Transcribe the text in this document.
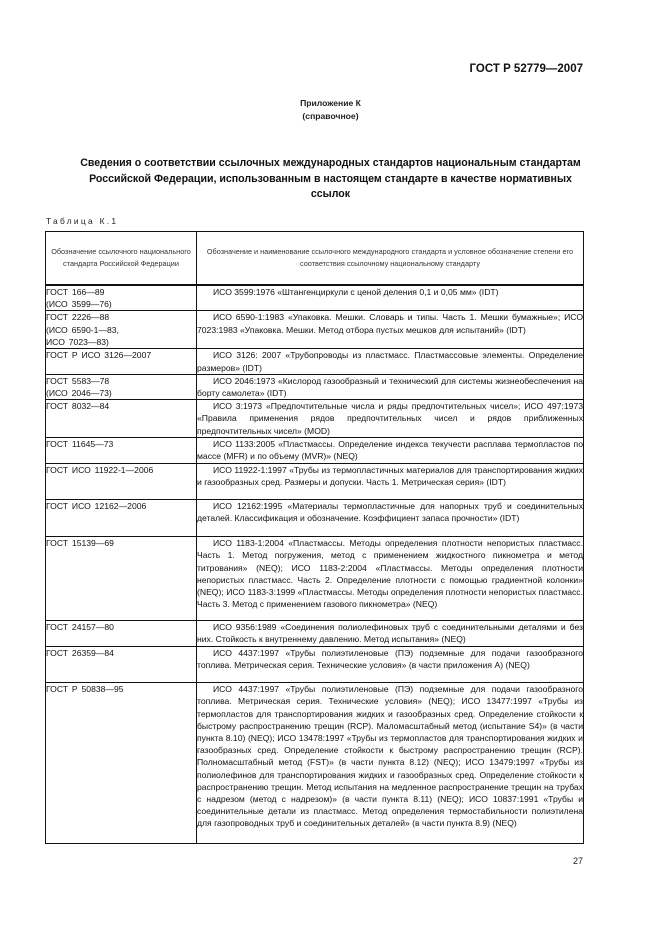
ГОСТ Р 52779—2007
Приложение К
(справочное)
Сведения о соответствии ссылочных международных стандартов национальным стандартам
Российской Федерации, использованным в настоящем стандарте в качестве нормативных
ссылок
Таблица К.1
Обозначение ссылочного национального стандарта Российской Федерации	Обозначение и наименование ссылочного международного стандарта и условное обозначение степени его соответствия ссылочному национальному стандарту

ГОСТ 166—89
(ИСО 3599—76)	ИСО 3599:1976 «Штангенциркули с ценой деления 0,1 и 0,05 мм» (IDT)

ГОСТ 2226—88
(ИСО 6590-1—83,
ИСО 7023—83)	ИСО 6590-1:1983 «Упаковка. Мешки. Словарь и типы. Часть 1. Мешки бумажные»; ИСО 7023:1983 «Упаковка. Мешки. Метод отбора пустых мешков для испытаний» (IDT)

ГОСТ Р ИСО 3126—2007	ИСО 3126: 2007 «Трубопроводы из пластмасс. Пластмассовые элементы. Определение размеров» (IDT)

ГОСТ 5583—78
(ИСО 2046—73)	ИСО 2046:1973 «Кислород газообразный и технический для системы жизнеобеспечения на борту самолета» (IDT)

ГОСТ 8032—84	ИСО 3:1973 «Предпочтительные числа и ряды предпочтительных чисел»; ИСО 497:1973 «Правила применения рядов предпочтительных чисел и рядов приближенных предпочтительных чисел» (MOD)

ГОСТ 11645—73	ИСО 1133:2005 «Пластмассы. Определение индекса текучести расплава термопластов по массе (MFR) и по объему (MVR)» (NEQ)

ГОСТ ИСО 11922-1—2006	ИСО 11922-1:1997 «Трубы из термопластичных материалов для транспортирования жидких и газообразных сред. Размеры и допуски. Часть 1. Метрическая серия» (IDT)

ГОСТ ИСО 12162—2006	ИСО 12162:1995 «Материалы термопластичные для напорных труб и соединительных деталей. Классификация и обозначение. Коэффициент запаса прочности» (IDT)

ГОСТ 15139—69	ИСО 1183-1:2004 «Пластмассы. Методы определения плотности непористых пластмасс. Часть 1. Метод погружения, метод с применением жидкостного пикнометра и метод титрования» (NEQ); ИСО 1183-2:2004 «Пластмассы. Методы определения плотности непористых пластмасс. Часть 2. Определение плотности с помощью градиентной колонки» (NEQ); ИСО 1183-3:1999 «Пластмассы. Методы определения плотности непористых пластмасс. Часть 3. Метод с применением газового пикнометра» (NEQ)

ГОСТ 24157—80	ИСО 9356:1989 «Соединения полиолефиновых труб с соединительными деталями и без них. Стойкость к внутреннему давлению. Метод испытания» (NEQ)

ГОСТ 26359—84	ИСО 4437:1997 «Трубы полиэтиленовые (ПЭ) подземные для подачи газообразного топлива. Метрическая серия. Технические условия» (в части приложения А) (NEQ)

ГОСТ Р 50838—95	ИСО 4437:1997 «Трубы полиэтиленовые (ПЭ) подземные для подачи газообразного топлива. Метрическая серия. Технические условия» (NEQ); ИСО 13477:1997 «Трубы из термопластов для транспортирования жидких и газообразных сред. Определение стойкости к быстрому распространению трещин (RCP). Маломасштабный метод (испытание S4)» (в части пункта 8.10) (NEQ); ИСО 13478:1997 «Трубы из термопластов для транспортирования жидких и газообразных сред. Определение стойкости к быстрому распространению трещин (RCP). Полномасштабный метод (FST)» (в части пункта 8.12) (NEQ); ИСО 13479:1997 «Трубы из полиолефинов для транспортирования жидких и газообразных сред. Определение стойкости к распространению трещин. Метод испытания на медленное распространение трещин на трубах с надрезом (метод с надрезом)» (в части пункта 8.11) (NEQ); ИСО 10837:1991 «Трубы и соединительные детали из пластмасс. Метод определения термостабильности полиэтилена для газопроводных труб и соединительных деталей» (в части пункта 8.9) (NEQ)
27
